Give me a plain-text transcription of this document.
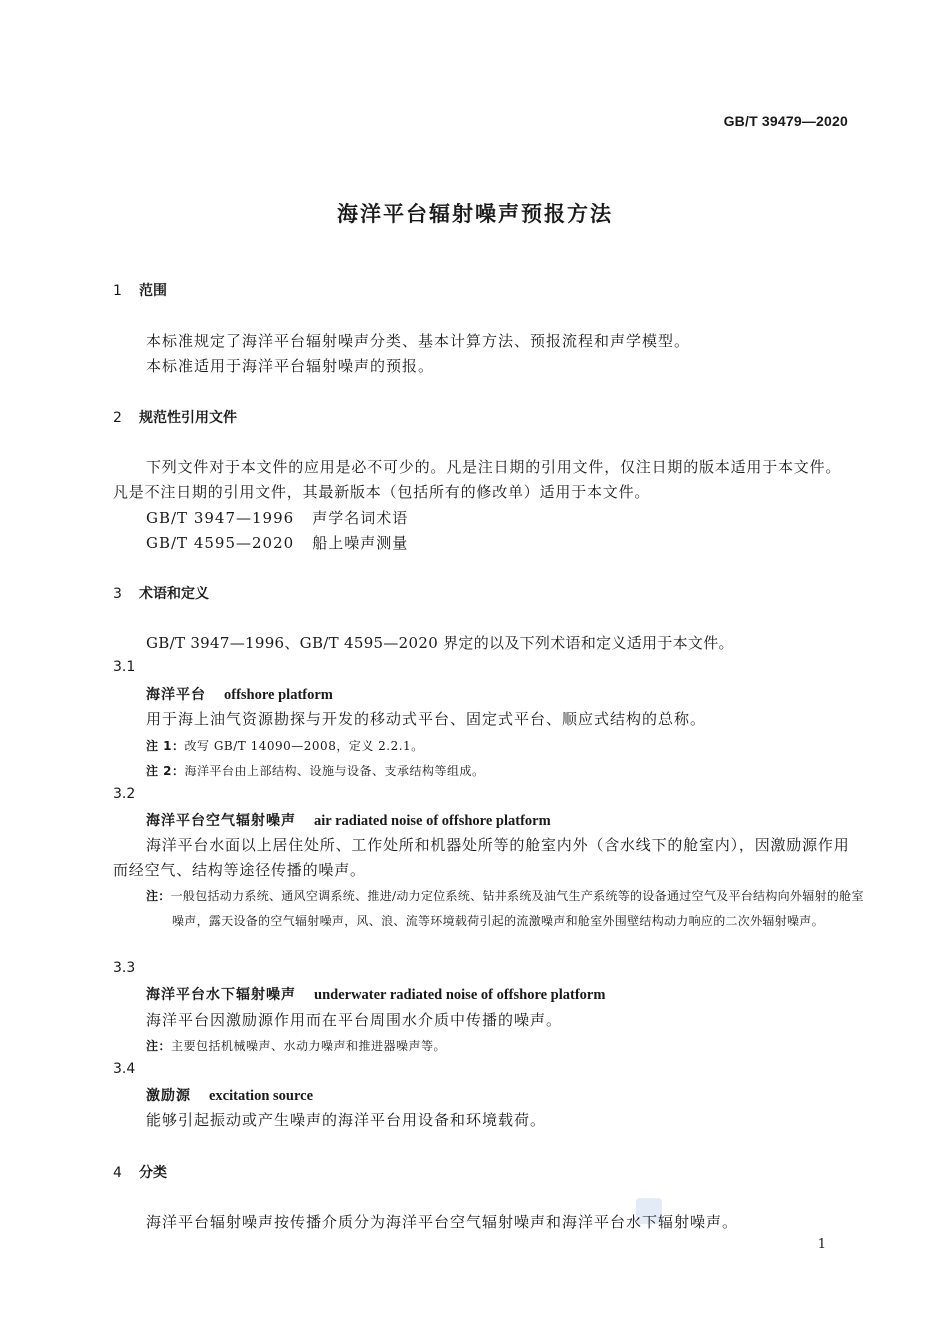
GB/T 39479—2020
海洋平台辐射噪声预报方法
1 范围
本标准规定了海洋平台辐射噪声分类、基本计算方法、预报流程和声学模型。
本标准适用于海洋平台辐射噪声的预报。
2 规范性引用文件
下列文件对于本文件的应用是必不可少的。凡是注日期的引用文件，仅注日期的版本适用于本文件。凡是不注日期的引用文件，其最新版本（包括所有的修改单）适用于本文件。
GB/T 3947—1996 声学名词术语
GB/T 4595—2020 船上噪声测量
3 术语和定义
GB/T 3947—1996、GB/T 4595—2020 界定的以及下列术语和定义适用于本文件。
3.1
海洋平台 offshore platform
用于海上油气资源勘探与开发的移动式平台、固定式平台、顺应式结构的总称。
注 1：改写 GB/T 14090—2008，定义 2.2.1。
注 2：海洋平台由上部结构、设施与设备、支承结构等组成。
3.2
海洋平台空气辐射噪声 air radiated noise of offshore platform
海洋平台水面以上居住处所、工作处所和机器处所等的舱室内外（含水线下的舱室内），因激励源作用而经空气、结构等途径传播的噪声。
注：一般包括动力系统、通风空调系统、推进/动力定位系统、钻井系统及油气生产系统等的设备通过空气及平台结构向外辐射的舱室噪声，露天设备的空气辐射噪声，风、浪、流等环境载荷引起的流激噪声和舱室外围壁结构动力响应的二次外辐射噪声。
3.3
海洋平台水下辐射噪声 underwater radiated noise of offshore platform
海洋平台因激励源作用而在平台周围水介质中传播的噪声。
注：主要包括机械噪声、水动力噪声和推进器噪声等。
3.4
激励源 excitation source
能够引起振动或产生噪声的海洋平台用设备和环境载荷。
4 分类
海洋平台辐射噪声按传播介质分为海洋平台空气辐射噪声和海洋平台水下辐射噪声。
1
